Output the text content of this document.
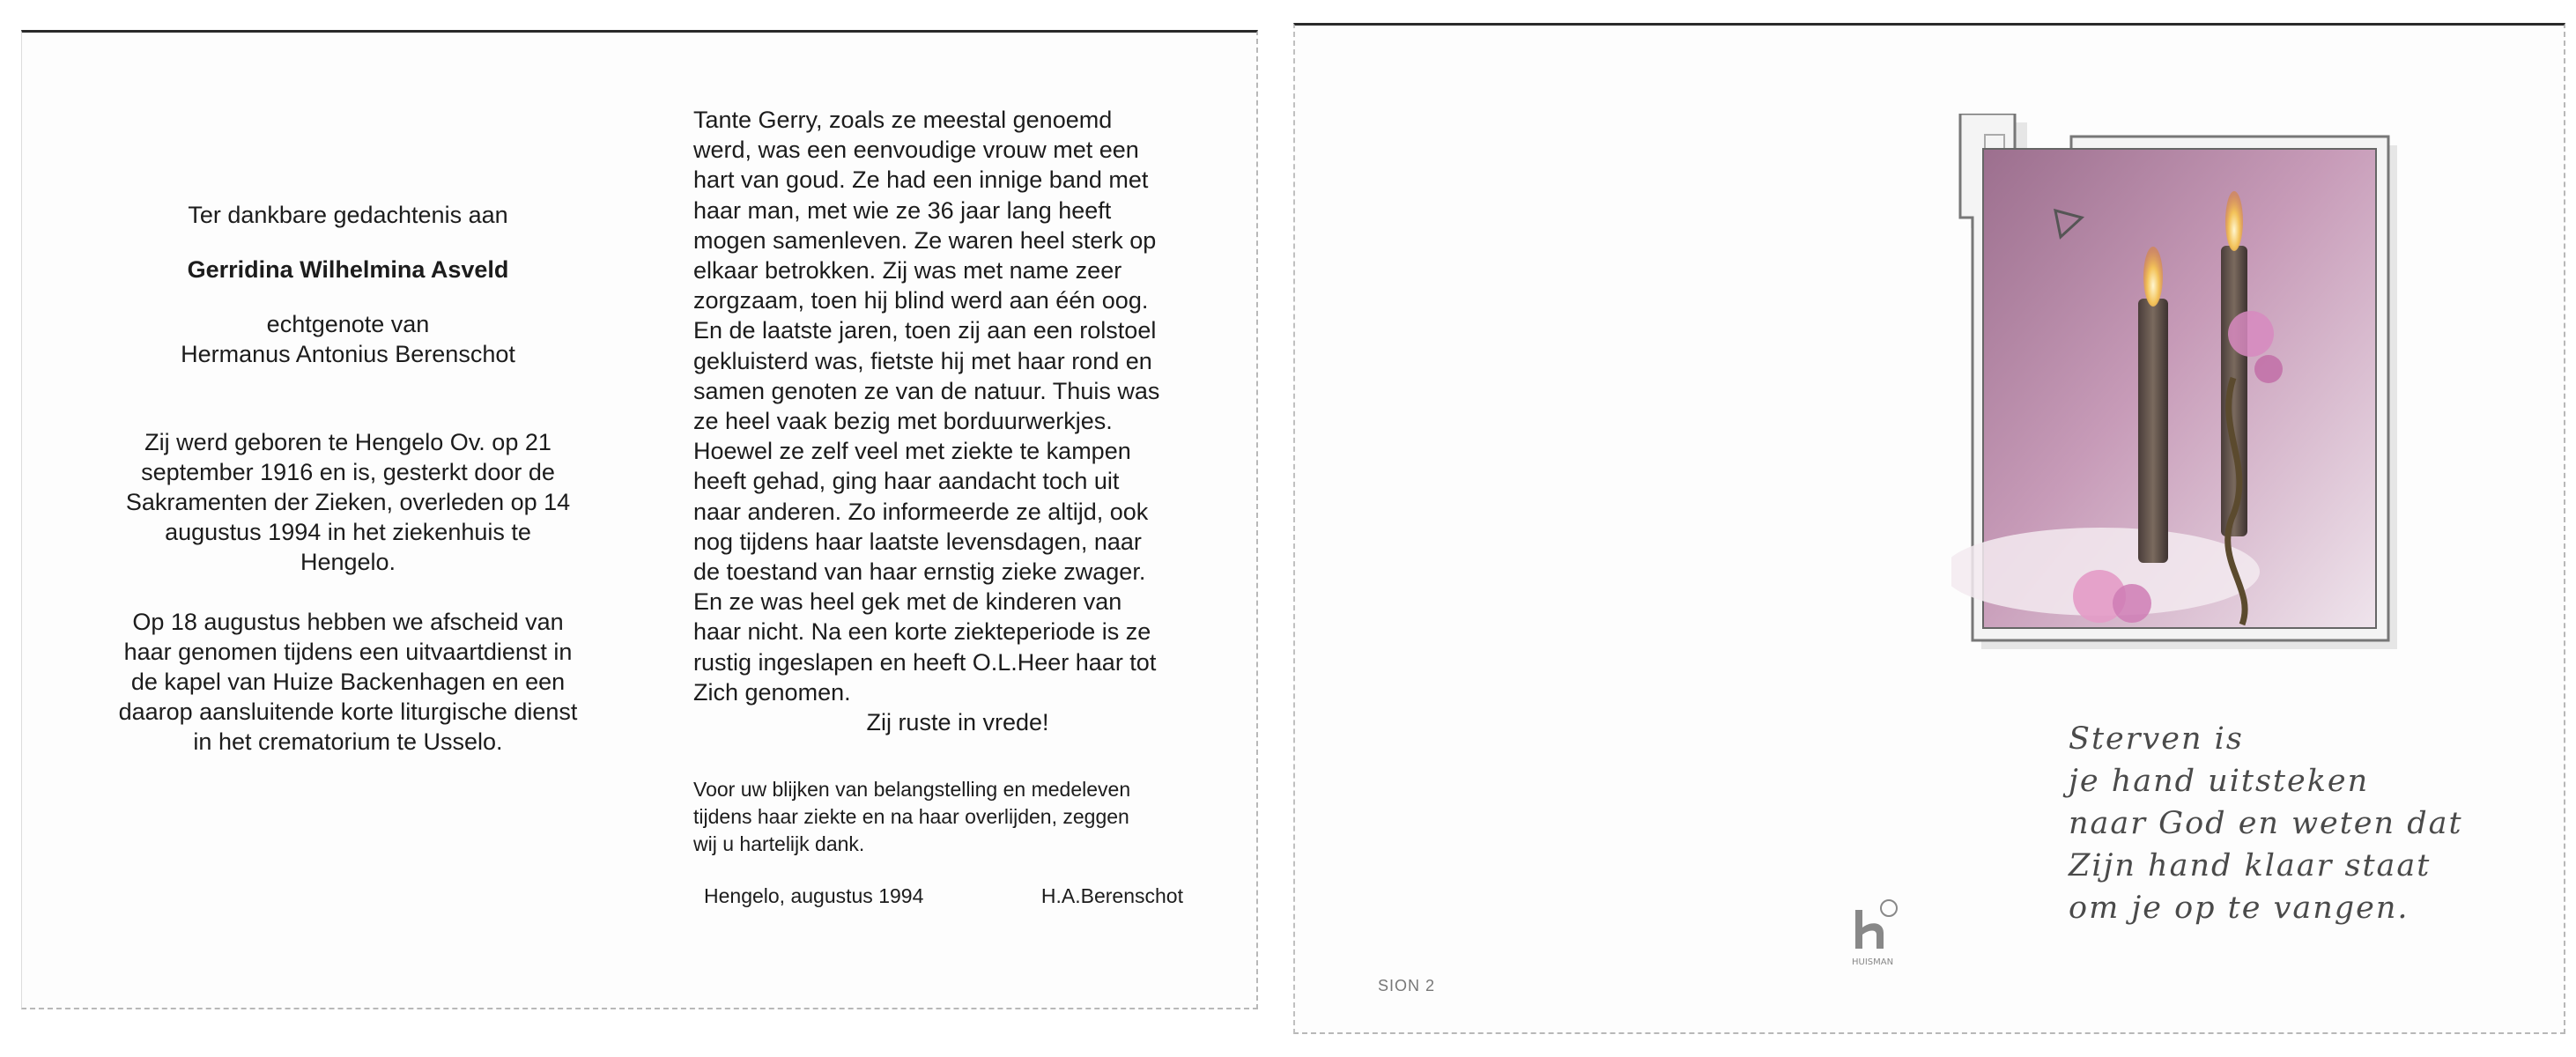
Ter dankbare gedachtenis aan

Gerridina Wilhelmina Asveld

echtgenote van

Hermanus Antonius Berenschot

Zij werd geboren te Hengelo Ov. op 21

september 1916 en is, gesterkt door de

Sakramenten der Zieken, overleden op 14

augustus 1994 in het ziekenhuis te

Hengelo.

Op 18 augustus hebben we afscheid van

haar genomen tijdens een uitvaartdienst in

de kapel van Huize Backenhagen en een

daarop aansluitende korte liturgische dienst

in het crematorium te Usselo.

Tante Gerry, zoals ze meestal genoemd
werd, was een eenvoudige vrouw met een
hart van goud. Ze had een innige band met
haar man, met wie ze 36 jaar lang heeft
mogen samenleven. Ze waren heel sterk op
elkaar betrokken. Zij was met name zeer
zorgzaam, toen hij blind werd aan één oog.
En de laatste jaren, toen zij aan een rolstoel
gekluisterd was, fietste hij met haar rond en
samen genoten ze van de natuur. Thuis was
ze heel vaak bezig met borduurwerkjes.
Hoewel ze zelf veel met ziekte te kampen
heeft gehad, ging haar aandacht toch uit
naar anderen. Zo informeerde ze altijd, ook
nog tijdens haar laatste levensdagen, naar
de toestand van haar ernstig zieke zwager.
En ze was heel gek met de kinderen van
haar nicht. Na een korte ziekteperiode is ze
rustig ingeslapen en heeft O.L.Heer haar tot
Zich genomen.

Zij ruste in vrede!

Voor uw blijken van belangstelling en medeleven
tijdens haar ziekte en na haar overlijden, zeggen
wij u hartelijk dank.
Hengelo, augustus 1994	H.A.Berenschot

Sterven is

je hand uitsteken

naar God en weten dat

Zijn hand klaar staat

om je op te vangen.

HUISMAN
SION 2
